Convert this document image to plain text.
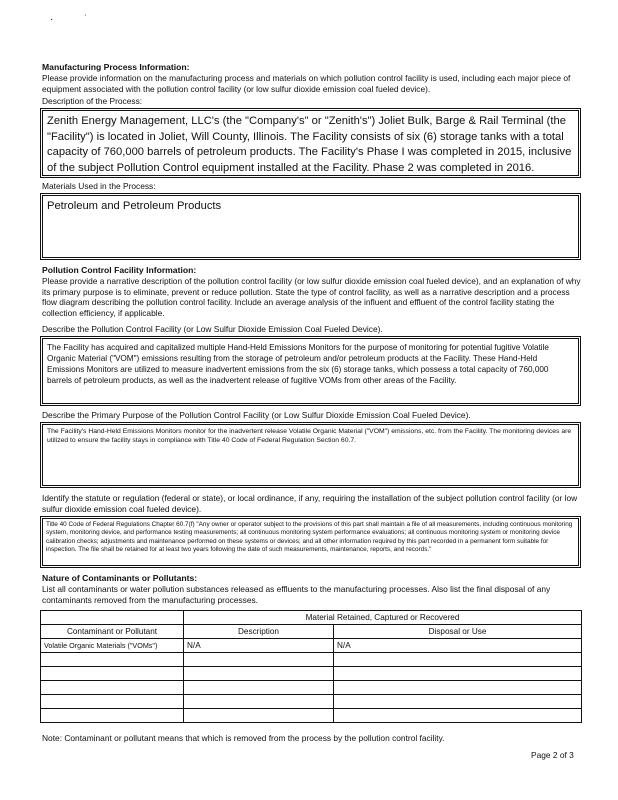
· ˙
Manufacturing Process Information:
Please provide information on the manufacturing process and materials on which pollution control facility is used, including each major piece of equipment associated with the pollution control facility (or low sulfur dioxide emission coal fueled device).
Description of the Process:
Zenith Energy Management, LLC's (the "Company's" or "Zenith's") Joliet Bulk, Barge & Rail Terminal (the "Facility") is located in Joliet, Will County, Illinois. The Facility consists of six (6) storage tanks with a total capacity of 760,000 barrels of petroleum products. The Facility's Phase I was completed in 2015, inclusive of the subject Pollution Control equipment installed at the Facility. Phase 2 was completed in 2016.
Materials Used in the Process:
Petroleum and Petroleum Products
Pollution Control Facility Information:
Please provide a narrative description of the pollution control facility (or low sulfur dioxide emission coal fueled device), and an explanation of why its primary purpose is to eliminate, prevent or reduce pollution. State the type of control facility, as well as a narrative description and a process flow diagram describing the pollution control facility. Include an average analysis of the influent and effluent of the control facility stating the collection efficiency, if applicable.
Describe the Pollution Control Facility (or Low Sulfur Dioxide Emission Coal Fueled Device).
The Facility has acquired and capitalized multiple Hand-Held Emissions Monitors for the purpose of monitoring for potential fugitive Volatile Organic Material ("VOM") emissions resulting from the storage of petroleum and/or petroleum products at the Facility. These Hand-Held Emissions Monitors are utilized to measure inadvertent emissions from the six (6) storage tanks, which possess a total capacity of 760,000 barrels of petroleum products, as well as the inadvertent release of fugitive VOMs from other areas of the Facility.
Describe the Primary Purpose of the Pollution Control Facility (or Low Sulfur Dioxide Emission Coal Fueled Device).
The Facility's Hand-Held Emissions Monitors monitor for the inadvertent release Volatile Organic Material ("VOM") emissions, etc. from the Facility. The monitoring devices are utilized to ensure the facility stays in compliance with Title 40 Code of Federal Regulation Section 60.7.
Identify the statute or regulation (federal or state), or local ordinance, if any, requiring the installation of the subject pollution control facility (or low sulfur dioxide emission coal fueled device).
Title 40 Code of Federal Regulations Chapter 60.7(f) "Any owner or operator subject to the provisions of this part shall maintain a file of all measurements, including continuous monitoring system, monitoring device, and performance testing measurements; all continuous monitoring system performance evaluations; all continuous monitoring system or monitoring device calibration checks; adjustments and maintenance performed on these systems or devices; and all other information required by this part recorded in a permanent form suitable for inspection. The file shall be retained for at least two years following the date of such measurements, maintenance, reports, and records."
Nature of Contaminants or Pollutants:
List all contaminants or water pollution substances released as effluents to the manufacturing processes. Also list the final disposal of any contaminants removed from the manufacturing processes.
	Material Retained, Captured or Recovered	
Contaminant or Pollutant	Description	Disposal or Use
Volatile Organic Materials ("VOMs")	N/A	N/A

Note: Contaminant or pollutant means that which is removed from the process by the pollution control facility.
Page 2 of 3
